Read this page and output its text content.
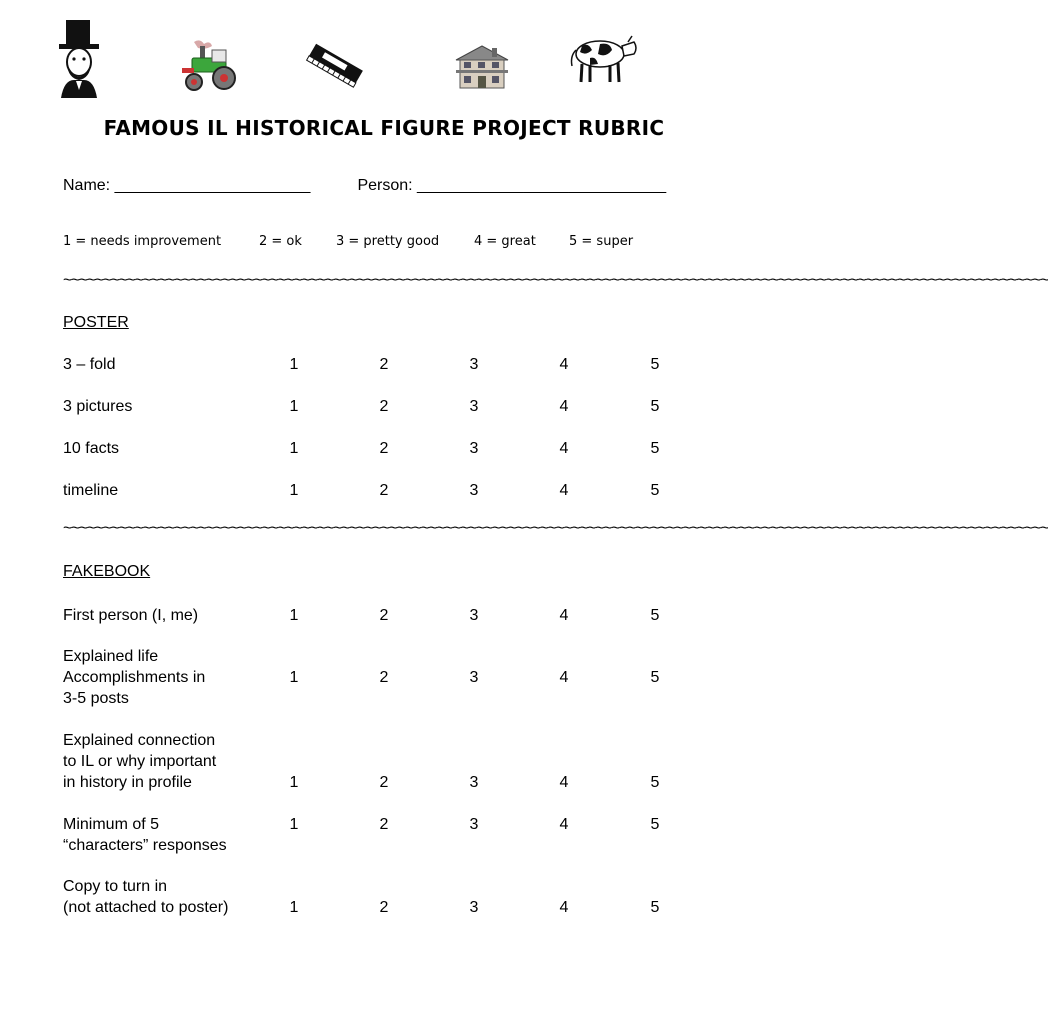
FAMOUS IL HISTORICAL FIGURE PROJECT RUBRIC
Name: ______________________	Person: ____________________________
1 = needs improvement	2 = ok	3 = pretty good	4 = great	5 = super
~~~~~~~~~~~~~~~~~~~~~~~~~~~~~~~~~~~~~~~~~~~~~~~~~~~~~~~~~~~~~~~~~~~~~~~~~~~~~~~~~~~~~~~~~~~~~~~~~~~~~~~~~~~~~~~~~~~~~~~~~~~~
POSTER
3 – fold	1	2	3	4	5
3 pictures	1	2	3	4	5
10 facts	1	2	3	4	5
timeline	1	2	3	4	5
~~~~~~~~~~~~~~~~~~~~~~~~~~~~~~~~~~~~~~~~~~~~~~~~~~~~~~~~~~~~~~~~~~~~~~~~~~~~~~~~~~~~~~~~~~~~~~~~~~~~~~~~~~~~~~~~~~~~~~~~~~~~
FAKEBOOK
First person (I, me)	1	2	3	4	5
Explained life
Accomplishments in
3-5 posts
1	2	3	4	5
Explained connection
to IL or why important
in history in profile	1	2	3	4	5
Minimum of 5
“characters” responses
1	2	3	4	5
Copy to turn in
(not attached to poster)	1	2	3	4	5
